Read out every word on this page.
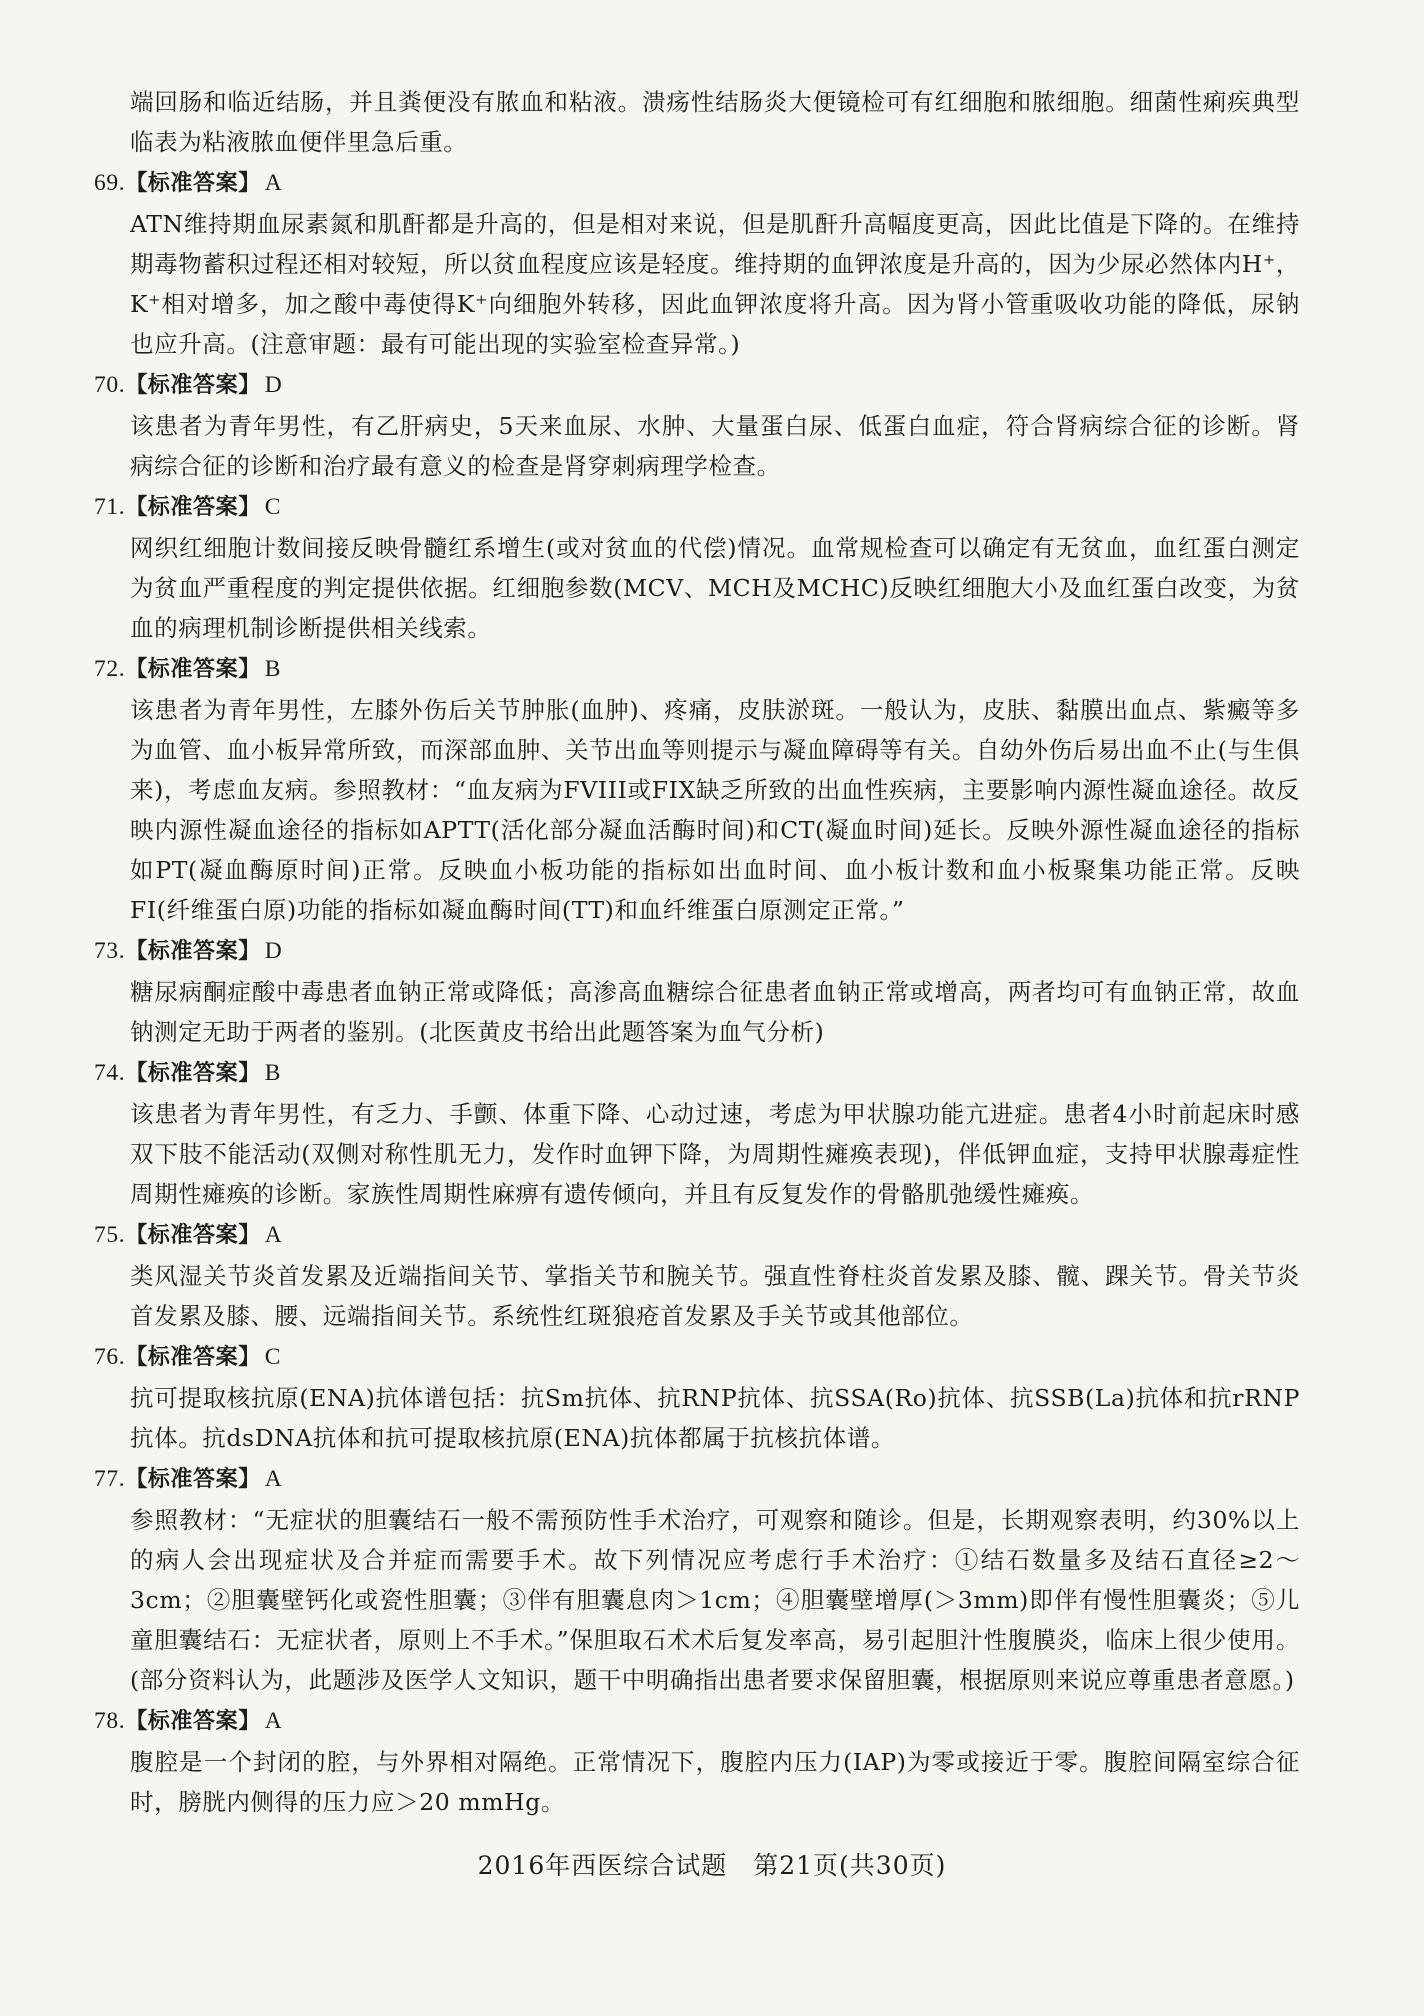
端回肠和临近结肠，并且粪便没有脓血和粘液。溃疡性结肠炎大便镜检可有红细胞和脓细胞。细菌性痢疾典型临表为粘液脓血便伴里急后重。

69.【标准答案】 A

ATN维持期血尿素氮和肌酐都是升高的，但是相对来说，但是肌酐升高幅度更高，因此比值是下降的。在维持期毒物蓄积过程还相对较短，所以贫血程度应该是轻度。维持期的血钾浓度是升高的，因为少尿必然体内H⁺，K⁺相对增多，加之酸中毒使得K⁺向细胞外转移，因此血钾浓度将升高。因为肾小管重吸收功能的降低，尿钠也应升高。(注意审题：最有可能出现的实验室检查异常。)

70.【标准答案】 D

该患者为青年男性，有乙肝病史，5天来血尿、水肿、大量蛋白尿、低蛋白血症，符合肾病综合征的诊断。肾病综合征的诊断和治疗最有意义的检查是肾穿刺病理学检查。

71.【标准答案】 C

网织红细胞计数间接反映骨髓红系增生(或对贫血的代偿)情况。血常规检查可以确定有无贫血，血红蛋白测定为贫血严重程度的判定提供依据。红细胞参数(MCV、MCH及MCHC)反映红细胞大小及血红蛋白改变，为贫血的病理机制诊断提供相关线索。

72.【标准答案】 B

该患者为青年男性，左膝外伤后关节肿胀(血肿)、疼痛，皮肤淤斑。一般认为，皮肤、黏膜出血点、紫癜等多为血管、血小板异常所致，而深部血肿、关节出血等则提示与凝血障碍等有关。自幼外伤后易出血不止(与生俱来)，考虑血友病。参照教材：“血友病为FVIII或FIX缺乏所致的出血性疾病，主要影响内源性凝血途径。故反映内源性凝血途径的指标如APTT(活化部分凝血活酶时间)和CT(凝血时间)延长。反映外源性凝血途径的指标如PT(凝血酶原时间)正常。反映血小板功能的指标如出血时间、血小板计数和血小板聚集功能正常。反映FⅠ(纤维蛋白原)功能的指标如凝血酶时间(TT)和血纤维蛋白原测定正常。”

73.【标准答案】 D

糖尿病酮症酸中毒患者血钠正常或降低；高渗高血糖综合征患者血钠正常或增高，两者均可有血钠正常，故血钠测定无助于两者的鉴别。(北医黄皮书给出此题答案为血气分析)

74.【标准答案】 B

该患者为青年男性，有乏力、手颤、体重下降、心动过速，考虑为甲状腺功能亢进症。患者4小时前起床时感双下肢不能活动(双侧对称性肌无力，发作时血钾下降，为周期性瘫痪表现)，伴低钾血症，支持甲状腺毒症性周期性瘫痪的诊断。家族性周期性麻痹有遗传倾向，并且有反复发作的骨骼肌弛缓性瘫痪。

75.【标准答案】 A

类风湿关节炎首发累及近端指间关节、掌指关节和腕关节。强直性脊柱炎首发累及膝、髋、踝关节。骨关节炎首发累及膝、腰、远端指间关节。系统性红斑狼疮首发累及手关节或其他部位。

76.【标准答案】 C

抗可提取核抗原(ENA)抗体谱包括：抗Sm抗体、抗RNP抗体、抗SSA(Ro)抗体、抗SSB(La)抗体和抗rRNP抗体。抗dsDNA抗体和抗可提取核抗原(ENA)抗体都属于抗核抗体谱。

77.【标准答案】 A

参照教材：“无症状的胆囊结石一般不需预防性手术治疗，可观察和随诊。但是，长期观察表明，约30%以上的病人会出现症状及合并症而需要手术。故下列情况应考虑行手术治疗：①结石数量多及结石直径≥2～3cm；②胆囊壁钙化或瓷性胆囊；③伴有胆囊息肉＞1cm；④胆囊壁增厚(＞3mm)即伴有慢性胆囊炎；⑤儿童胆囊结石：无症状者，原则上不手术。”保胆取石术术后复发率高，易引起胆汁性腹膜炎，临床上很少使用。(部分资料认为，此题涉及医学人文知识，题干中明确指出患者要求保留胆囊，根据原则来说应尊重患者意愿。)

78.【标准答案】 A

腹腔是一个封闭的腔，与外界相对隔绝。正常情况下，腹腔内压力(IAP)为零或接近于零。腹腔间隔室综合征时，膀胱内侧得的压力应＞20 mmHg。

2016年西医综合试题　第21页(共30页)
